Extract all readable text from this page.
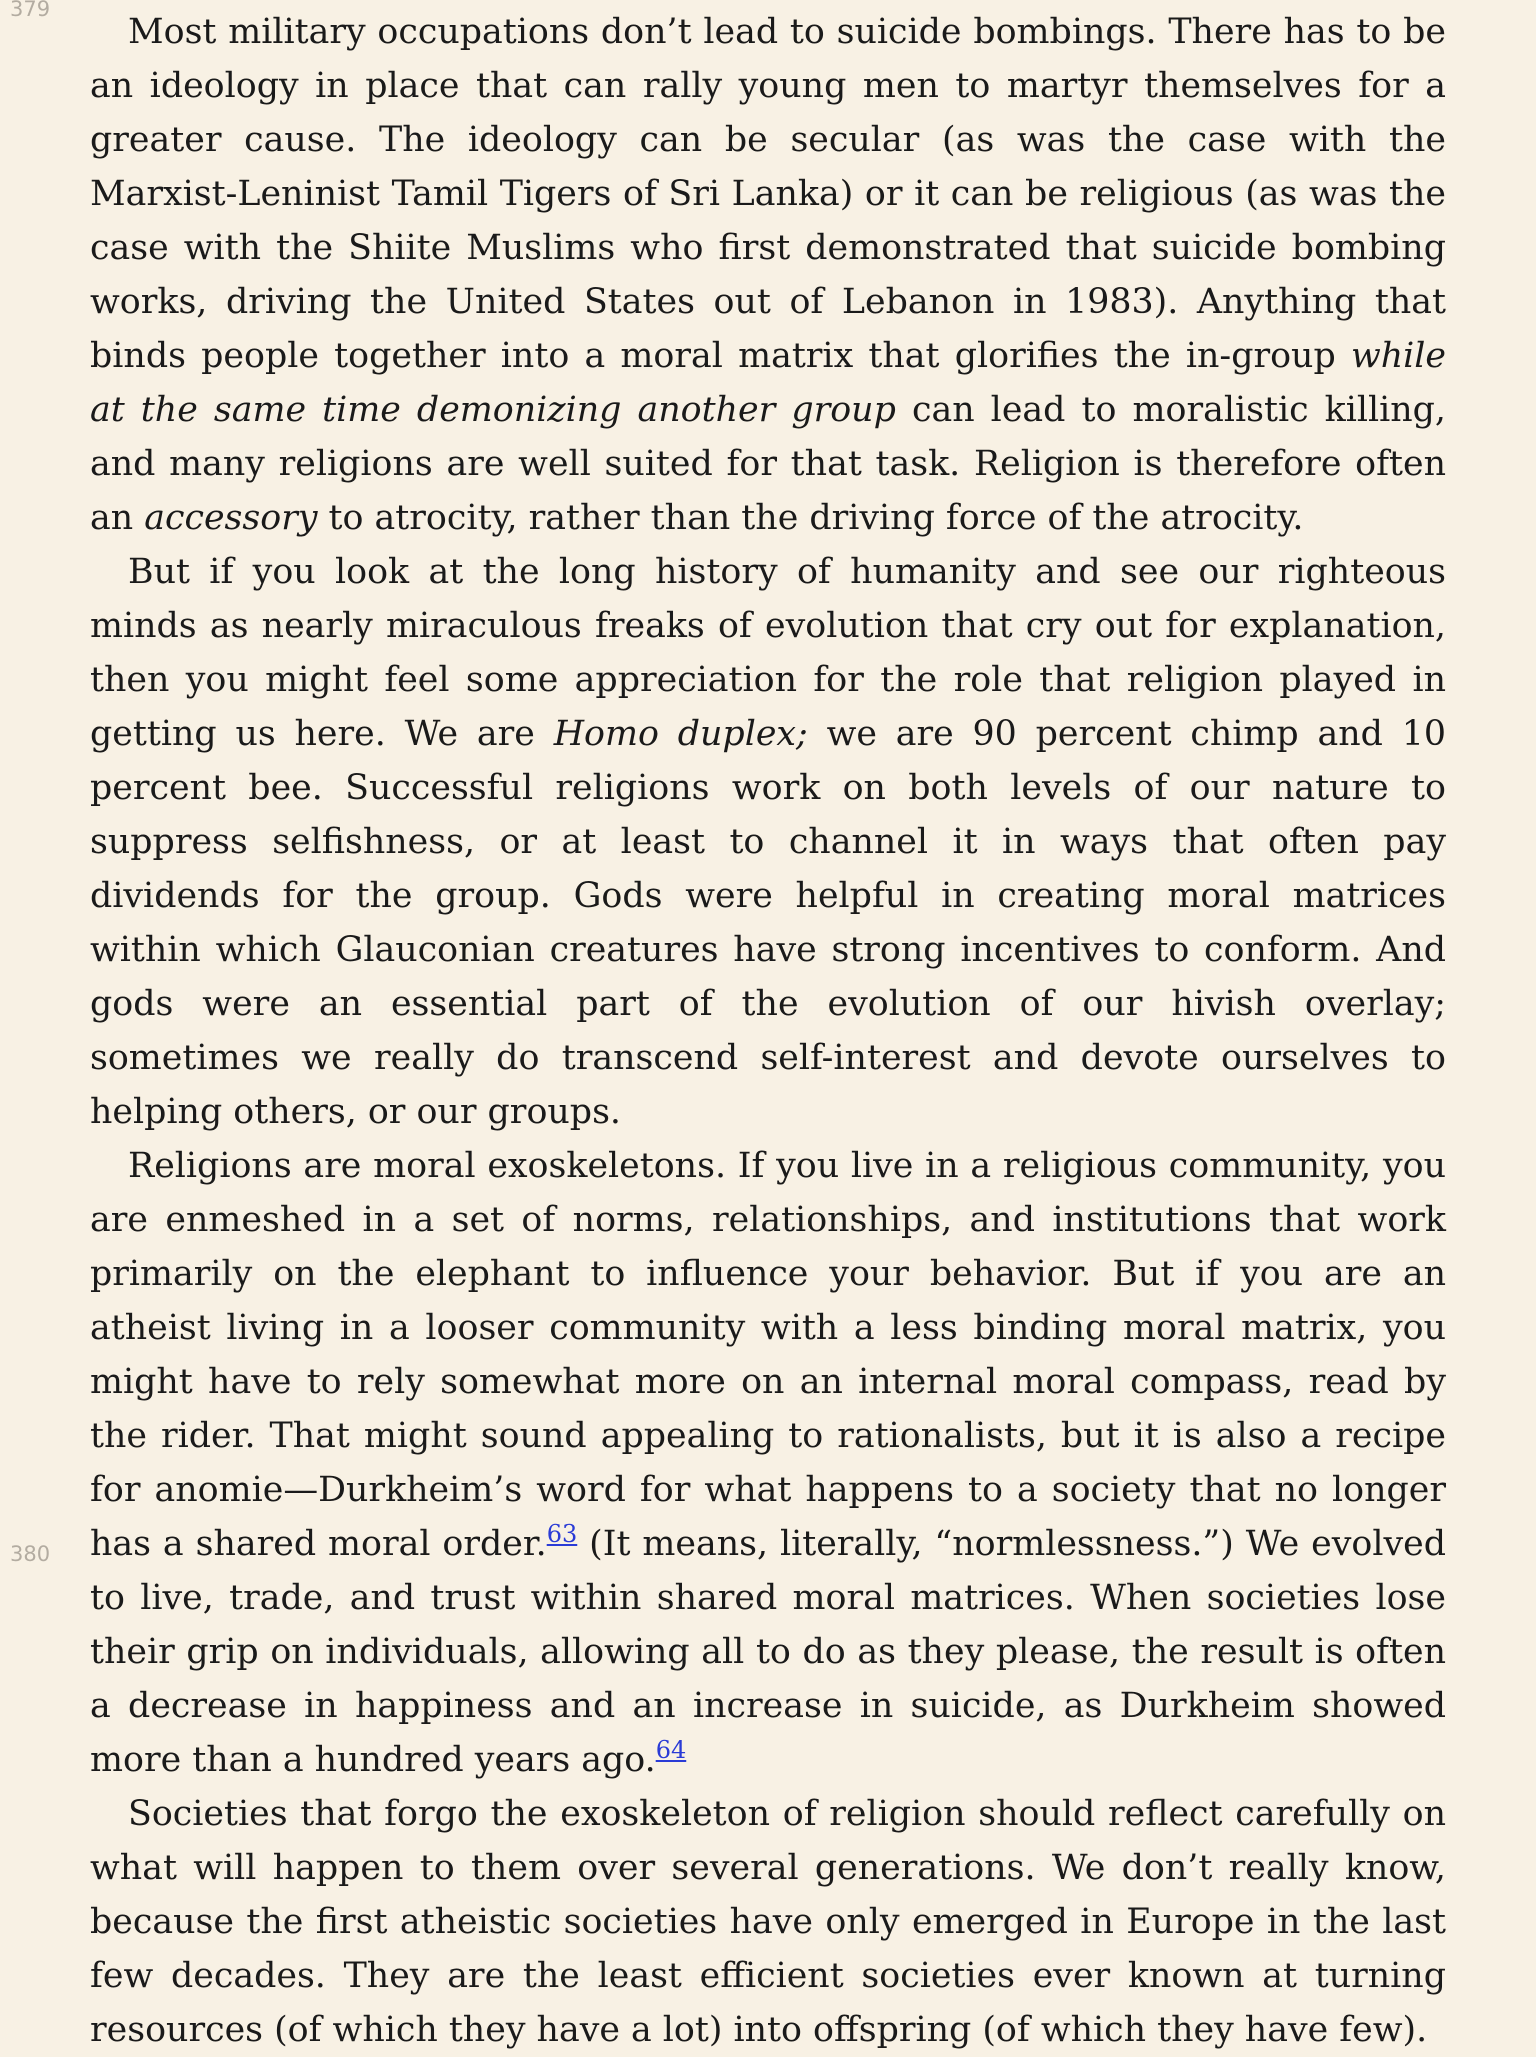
379
380

Most military occupations don’t lead to suicide bombings. There has to be an ideology in place that can rally young men to martyr themselves for a greater cause. The ideology can be secular (as was the case with the Marxist-Leninist Tamil Tigers of Sri Lanka) or it can be religious (as was the case with the Shiite Muslims who first demonstrated that suicide bombing works, driving the United States out of Lebanon in 1983). Anything that binds people together into a moral matrix that glorifies the in-group while at the same time demonizing another group can lead to moralistic killing, and many religions are well suited for that task. Religion is therefore often an accessory to atrocity, rather than the driving force of the atrocity.

But if you look at the long history of humanity and see our righteous minds as nearly miraculous freaks of evolution that cry out for explanation, then you might feel some appreciation for the role that religion played in getting us here. We are Homo duplex; we are 90 percent chimp and 10 percent bee. Successful religions work on both levels of our nature to suppress selfishness, or at least to channel it in ways that often pay dividends for the group. Gods were helpful in creating moral matrices within which Glauconian creatures have strong incentives to conform. And gods were an essential part of the evolution of our hivish overlay; sometimes we really do transcend self-interest and devote ourselves to helping others, or our groups.

Religions are moral exoskeletons. If you live in a religious community, you are enmeshed in a set of norms, relationships, and institutions that work primarily on the elephant to influence your behavior. But if you are an atheist living in a looser community with a less binding moral matrix, you might have to rely somewhat more on an internal moral compass, read by the rider. That might sound appealing to rationalists, but it is also a recipe for anomie—Durkheim’s word for what happens to a society that no longer has a shared moral order.$^{63}$ (It means, literally, “normlessness.”) We evolved to live, trade, and trust within shared moral matrices. When societies lose their grip on individuals, allowing all to do as they please, the result is often a decrease in happiness and an increase in suicide, as Durkheim showed more than a hundred years ago.$^{64}$

Societies that forgo the exoskeleton of religion should reflect carefully on what will happen to them over several generations. We don’t really know, because the first atheistic societies have only emerged in Europe in the last few decades. They are the least efficient societies ever known at turning resources (of which they have a lot) into offspring (of which they have few).
